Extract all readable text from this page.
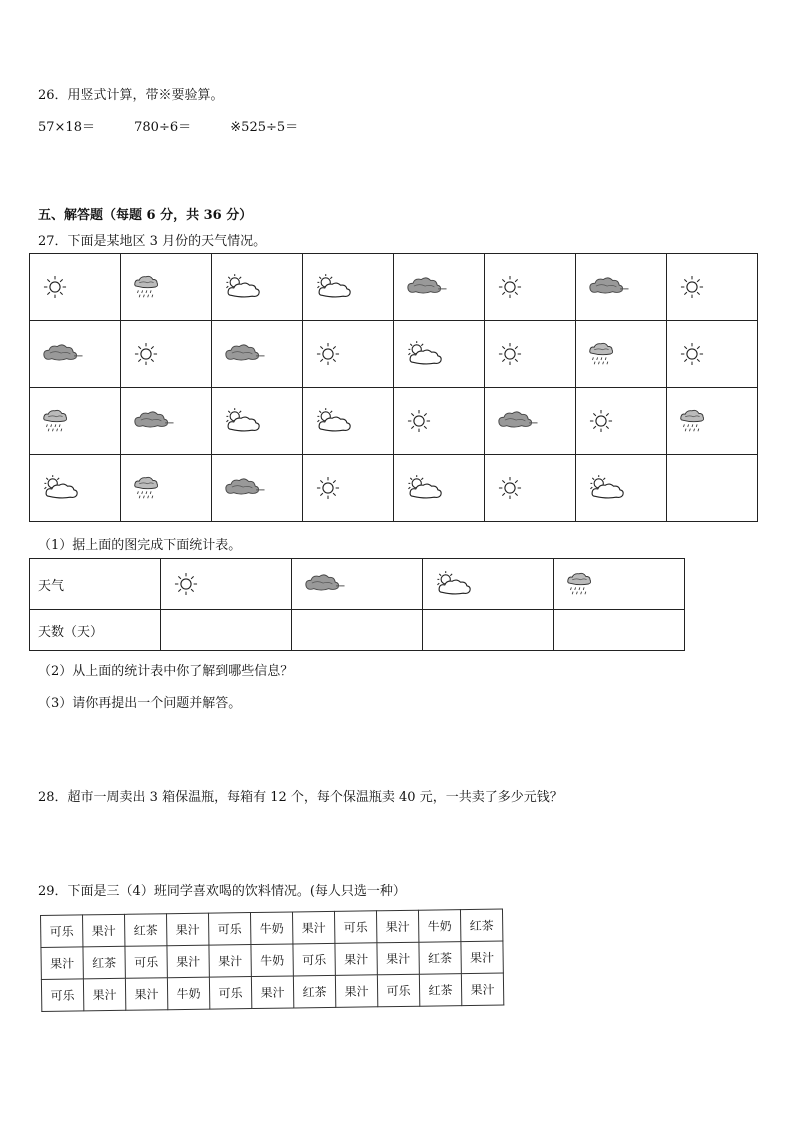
26．用竖式计算，带※要验算。
57×18＝	780÷6＝	※525÷5＝
五、解答题（每题 6 分，共 36 分）
27．下面是某地区 3 月份的天气情况。

（1）据上面的图完成下面统计表。
天气	

天数（天）				
（2）从上面的统计表中你了解到哪些信息？
（3）请你再提出一个问题并解答。
28．超市一周卖出 3 箱保温瓶，每箱有 12 个，每个保温瓶卖 40 元，一共卖了多少元钱？
29．下面是三（4）班同学喜欢喝的饮料情况。(每人只选一种）
可乐	果汁	红茶	果汁	可乐	牛奶	果汁	可乐	果汁	牛奶	红茶
果汁	红茶	可乐	果汁	果汁	牛奶	可乐	果汁	果汁	红茶	果汁
可乐	果汁	果汁	牛奶	可乐	果汁	红茶	果汁	可乐	红茶	果汁
